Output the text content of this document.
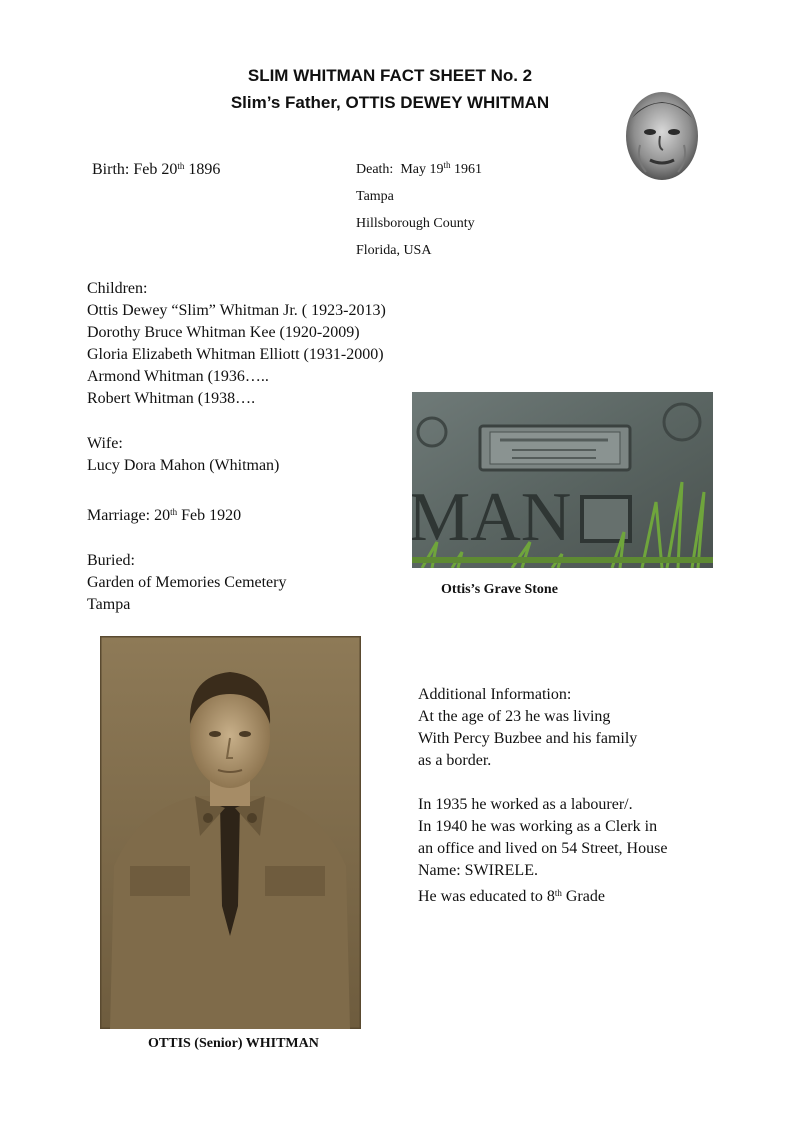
SLIM WHITMAN FACT SHEET No. 2
Slim’s Father, OTTIS DEWEY WHITMAN
Birth: Feb 20th 1896	Death: May 19th 1961
Tampa
Hillsborough County
Florida, USA
Children:
Ottis Dewey “Slim” Whitman Jr. ( 1923-2013)
Dorothy Bruce Whitman Kee (1920-2009)
Gloria Elizabeth Whitman Elliott (1931-2000)
Armond Whitman (1936…..
Robert Whitman (1938….
Wife:
Lucy Dora Mahon (Whitman)
Marriage: 20th Feb 1920
Buried:
Garden of Memories Cemetery
Tampa
MAN
Ottis’s Grave Stone
OTTIS (Senior) WHITMAN

Additional Information:

At the age of 23 he was living

With Percy Buzbee and his family

as a border.

In 1935 he worked as a labourer/.

In 1940 he was working as a Clerk in

an office and lived on 54 Street, House

Name: SWIRELE.

He was educated to 8th Grade
